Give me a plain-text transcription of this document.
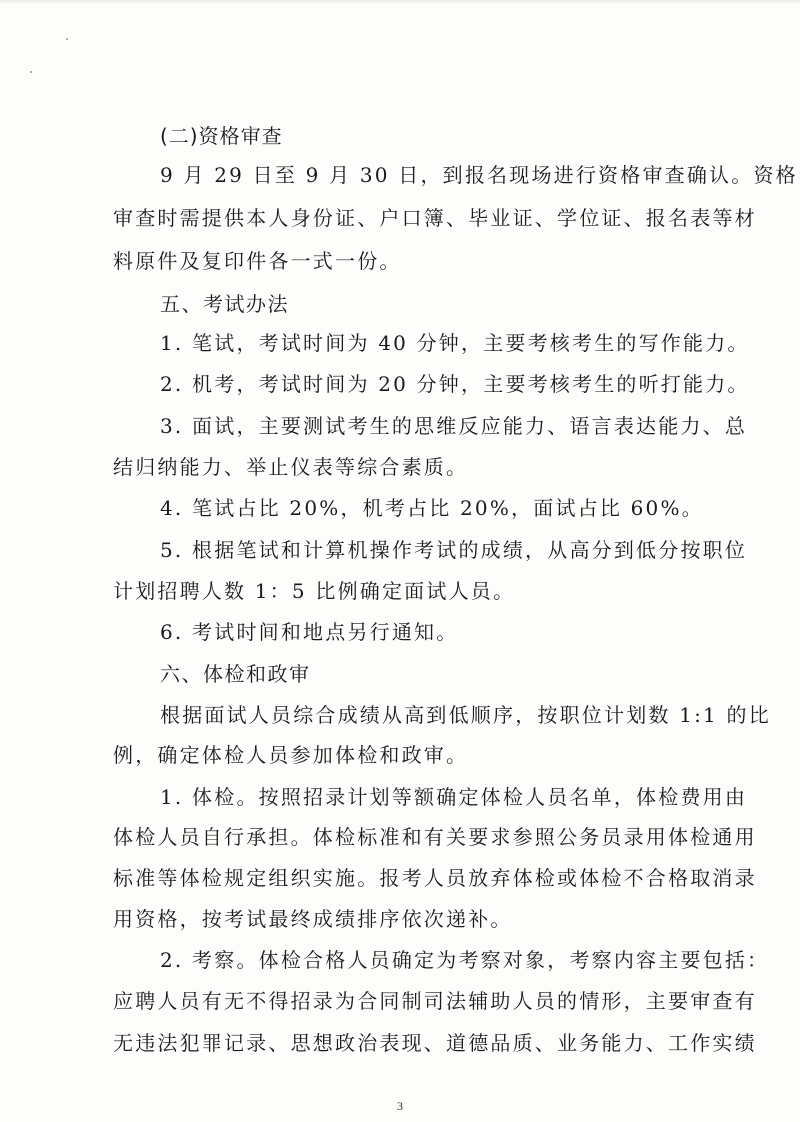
(二)资格审查
9 月 29 日至 9 月 30 日，到报名现场进行资格审查确认。资格
审查时需提供本人身份证、户口簿、毕业证、学位证、报名表等材
料原件及复印件各一式一份。
五、考试办法
1. 笔试，考试时间为 40 分钟，主要考核考生的写作能力。
2. 机考，考试时间为 20 分钟，主要考核考生的听打能力。
3. 面试，主要测试考生的思维反应能力、语言表达能力、总
结归纳能力、举止仪表等综合素质。
4. 笔试占比 20%，机考占比 20%，面试占比 60%。
5. 根据笔试和计算机操作考试的成绩，从高分到低分按职位
计划招聘人数 1：5 比例确定面试人员。
6. 考试时间和地点另行通知。
六、体检和政审
根据面试人员综合成绩从高到低顺序，按职位计划数 1:1 的比
例，确定体检人员参加体检和政审。
1. 体检。按照招录计划等额确定体检人员名单，体检费用由
体检人员自行承担。体检标准和有关要求参照公务员录用体检通用
标准等体检规定组织实施。报考人员放弃体检或体检不合格取消录
用资格，按考试最终成绩排序依次递补。
2. 考察。体检合格人员确定为考察对象，考察内容主要包括：
应聘人员有无不得招录为合同制司法辅助人员的情形，主要审查有
无违法犯罪记录、思想政治表现、道德品质、业务能力、工作实绩
3
